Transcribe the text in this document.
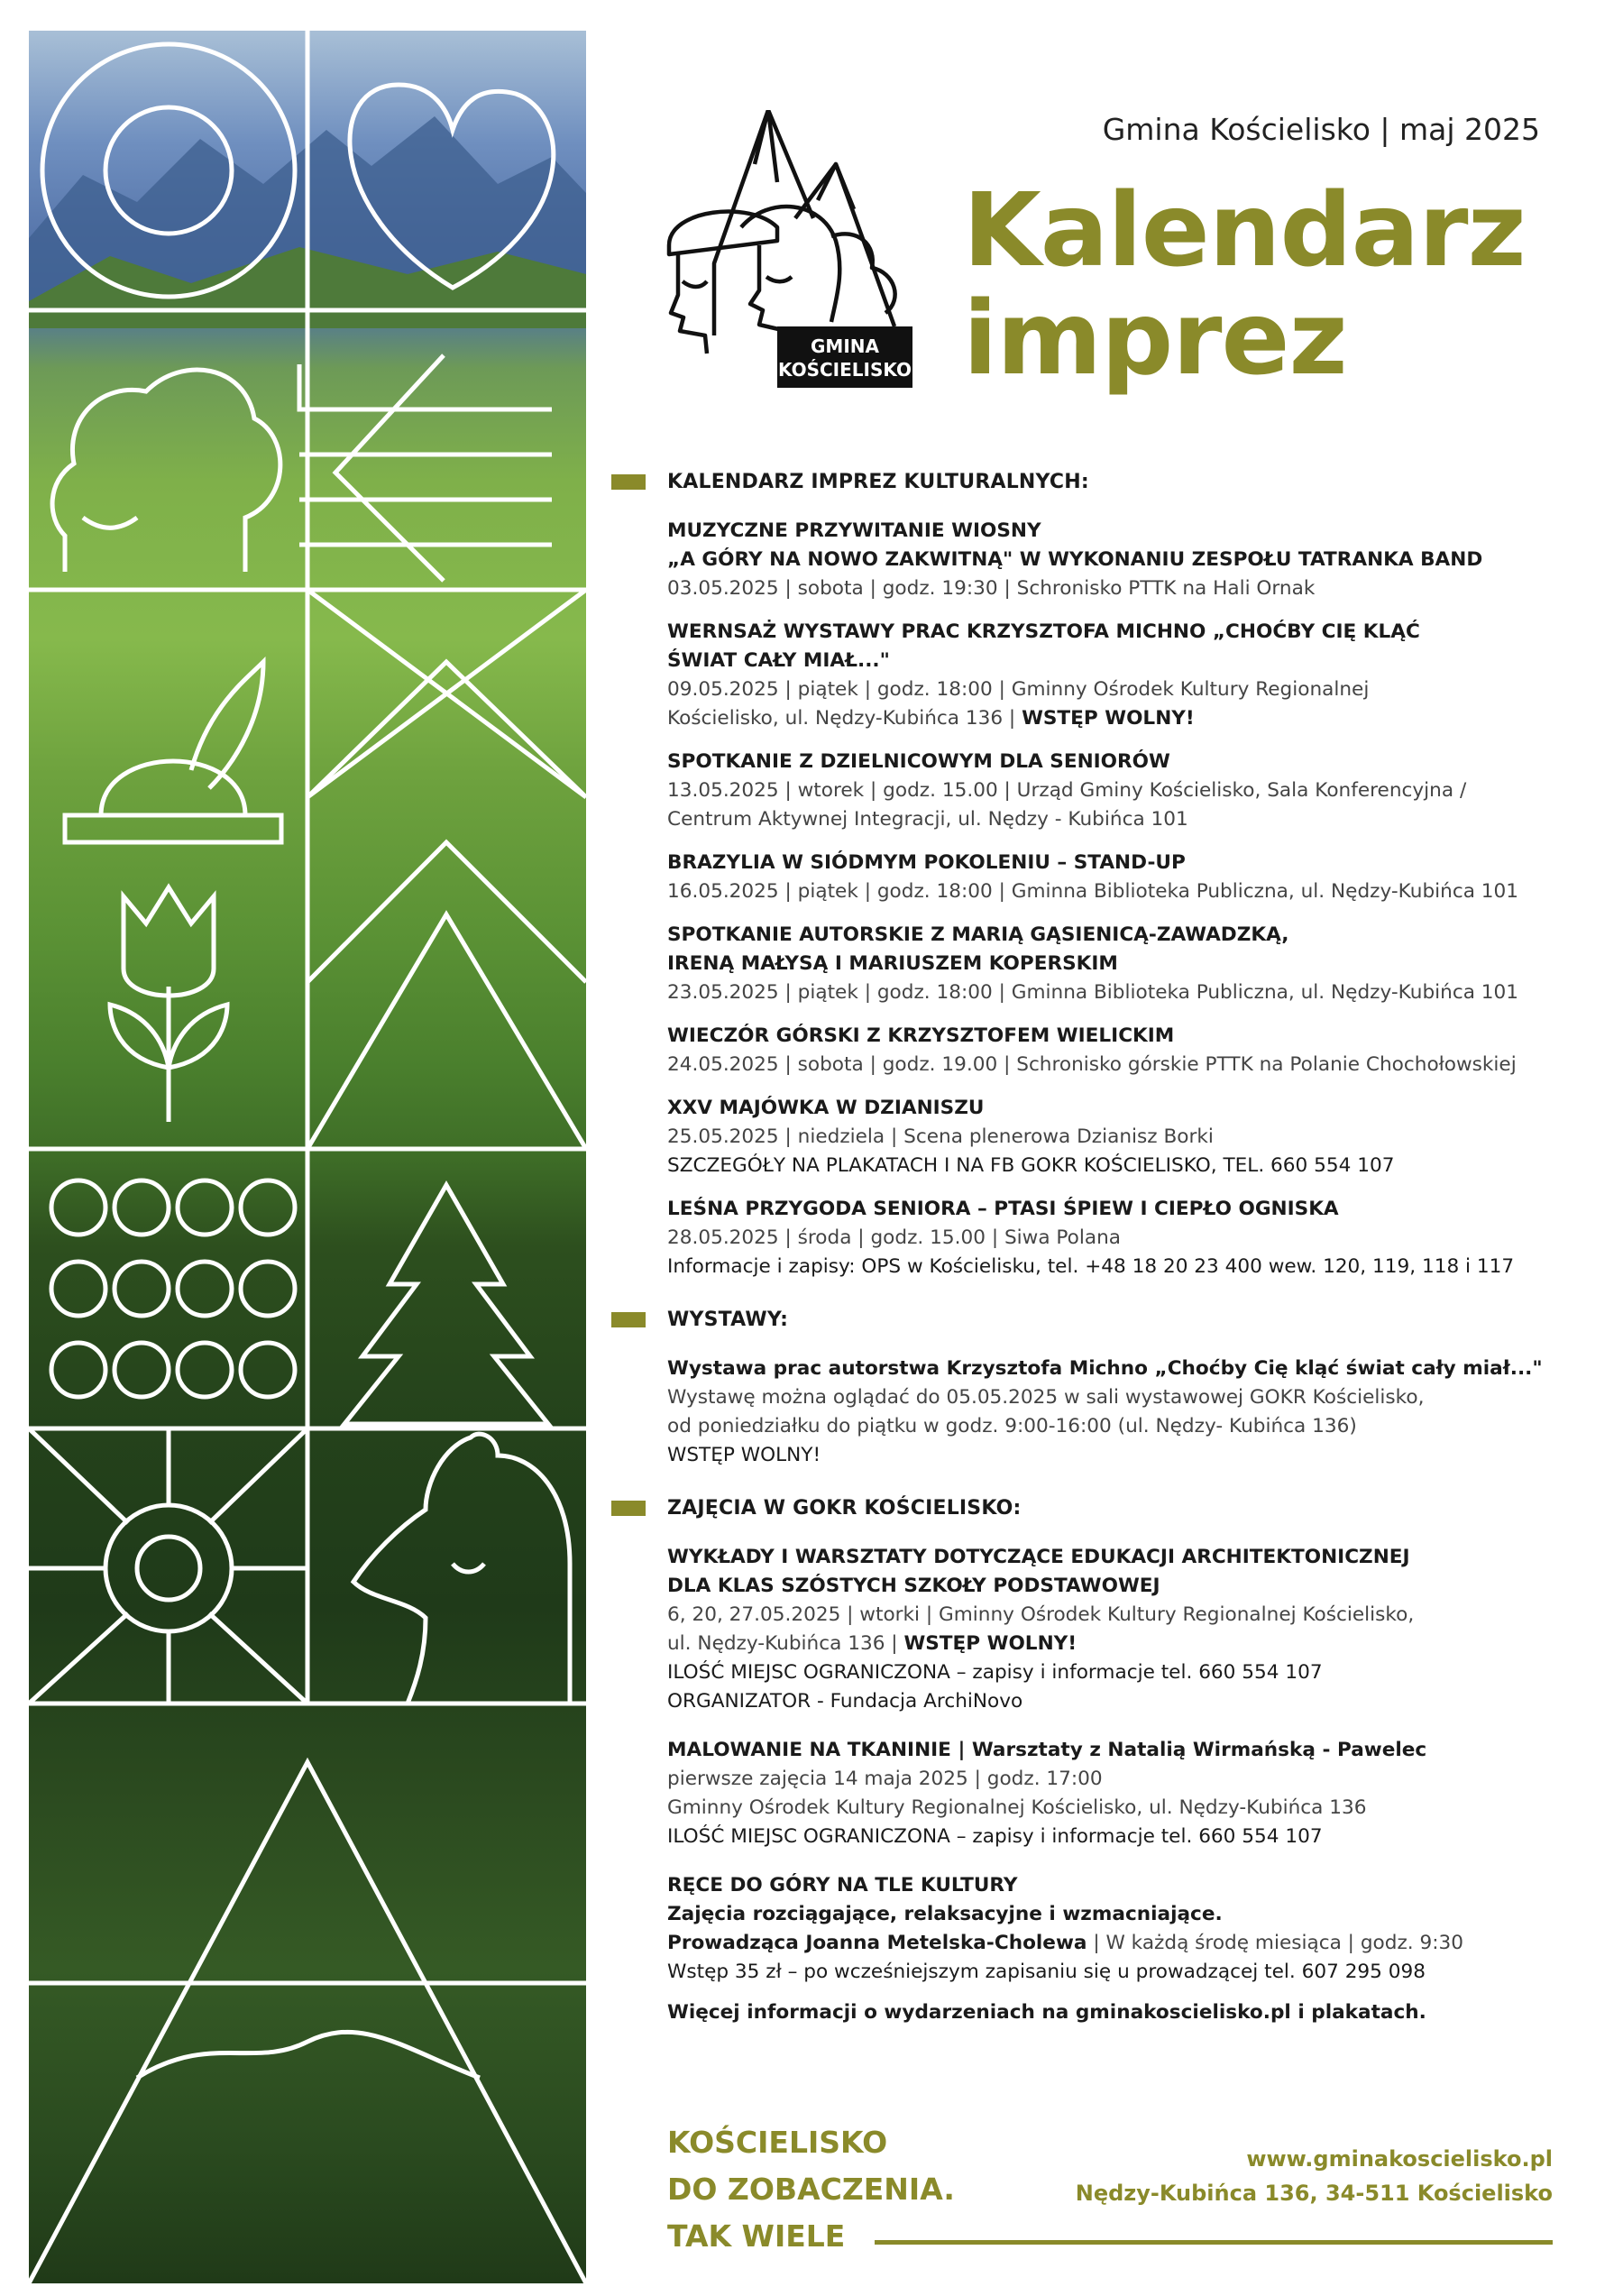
GMINA
KOŚCIELISKO
Gmina Kościelisko | maj 2025
Kalendarz
imprez
KALENDARZ IMPREZ KULTURALNYCH:
MUZYCZNE PRZYWITANIE WIOSNY
„A GÓRY NA NOWO ZAKWITNĄ" W WYKONANIU ZESPOŁU TATRANKA BAND
03.05.2025 | sobota | godz. 19:30 | Schronisko PTTK na Hali Ornak
WERNSAŻ WYSTAWY PRAC KRZYSZTOFA MICHNO „CHOĆBY CIĘ KLĄĆ
ŚWIAT CAŁY MIAŁ..."
09.05.2025 | piątek | godz. 18:00 | Gminny Ośrodek Kultury Regionalnej
Kościelisko, ul. Nędzy-Kubińca 136 | WSTĘP WOLNY!
SPOTKANIE Z DZIELNICOWYM DLA SENIORÓW
13.05.2025 | wtorek | godz. 15.00 | Urząd Gminy Kościelisko, Sala Konferencyjna /
Centrum Aktywnej Integracji, ul. Nędzy - Kubińca 101
BRAZYLIA W SIÓDMYM POKOLENIU – STAND-UP
16.05.2025 | piątek | godz. 18:00 | Gminna Biblioteka Publiczna, ul. Nędzy-Kubińca 101
SPOTKANIE AUTORSKIE Z MARIĄ GĄSIENICĄ-ZAWADZKĄ,
IRENĄ MAŁYSĄ I MARIUSZEM KOPERSKIM
23.05.2025 | piątek | godz. 18:00 | Gminna Biblioteka Publiczna, ul. Nędzy-Kubińca 101
WIECZÓR GÓRSKI Z KRZYSZTOFEM WIELICKIM
24.05.2025 | sobota | godz. 19.00 | Schronisko górskie PTTK na Polanie Chochołowskiej
XXV MAJÓWKA W DZIANISZU
25.05.2025 | niedziela | Scena plenerowa Dzianisz Borki
SZCZEGÓŁY NA PLAKATACH I NA FB GOKR KOŚCIELISKO, TEL. 660 554 107
LEŚNA PRZYGODA SENIORA – PTASI ŚPIEW I CIEPŁO OGNISKA
28.05.2025 | środa | godz. 15.00 | Siwa Polana
Informacje i zapisy: OPS w Kościelisku, tel. +48 18 20 23 400 wew. 120, 119, 118 i 117
WYSTAWY:
Wystawa prac autorstwa Krzysztofa Michno „Choćby Cię kląć świat cały miał..."
Wystawę można oglądać do 05.05.2025 w sali wystawowej GOKR Kościelisko,
od poniedziałku do piątku w godz. 9:00-16:00 (ul. Nędzy- Kubińca 136)
WSTĘP WOLNY!
ZAJĘCIA W GOKR KOŚCIELISKO:
WYKŁADY I WARSZTATY DOTYCZĄCE EDUKACJI ARCHITEKTONICZNEJ
DLA KLAS SZÓSTYCH SZKOŁY PODSTAWOWEJ
6, 20, 27.05.2025 | wtorki | Gminny Ośrodek Kultury Regionalnej Kościelisko,
ul. Nędzy-Kubińca 136 | WSTĘP WOLNY!
ILOŚĆ MIEJSC OGRANICZONA – zapisy i informacje tel. 660 554 107
ORGANIZATOR - Fundacja ArchiNovo
MALOWANIE NA TKANINIE | Warsztaty z Natalią Wirmańską - Pawelec
pierwsze zajęcia 14 maja 2025 | godz. 17:00
Gminny Ośrodek Kultury Regionalnej Kościelisko, ul. Nędzy-Kubińca 136
ILOŚĆ MIEJSC OGRANICZONA – zapisy i informacje tel. 660 554 107
RĘCE DO GÓRY NA TLE KULTURY
Zajęcia rozciągające, relaksacyjne i wzmacniające.
Prowadząca Joanna Metelska-Cholewa | W każdą środę miesiąca | godz. 9:30
Wstęp 35 zł – po wcześniejszym zapisaniu się u prowadzącej tel. 607 295 098
Więcej informacji o wydarzeniach na gminakoscielisko.pl i plakatach.
KOŚCIELISKO
DO ZOBACZENIA.
TAK WIELE
www.gminakoscielisko.pl
Nędzy-Kubińca 136, 34-511 Kościelisko
